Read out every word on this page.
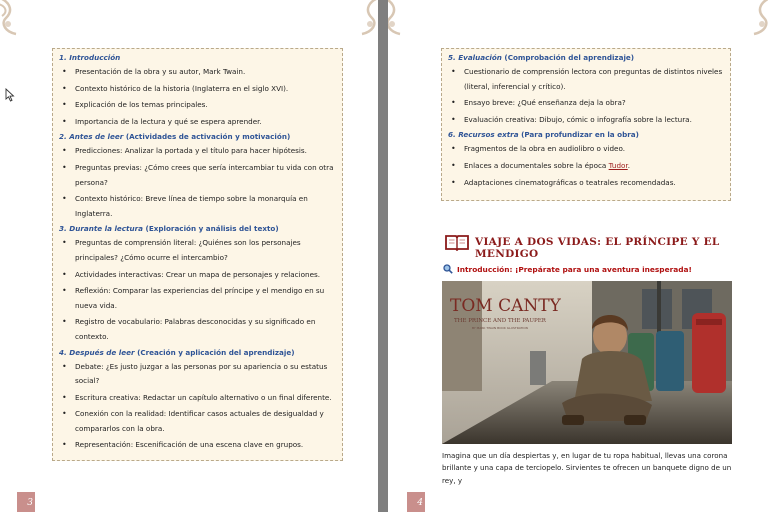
1. Introducción
• Presentación de la obra y su autor, Mark Twain.
• Contexto histórico de la historia (Inglaterra en el siglo XVI).
• Explicación de los temas principales.
• Importancia de la lectura y qué se espera aprender.
2. Antes de leer (Actividades de activación y motivación)
• Predicciones: Analizar la portada y el título para hacer hipótesis.
• Preguntas previas: ¿Cómo crees que sería intercambiar tu vida con otra persona?
• Contexto histórico: Breve línea de tiempo sobre la monarquía en Inglaterra.
3. Durante la lectura (Exploración y análisis del texto)
• Preguntas de comprensión literal: ¿Quiénes son los personajes principales? ¿Cómo ocurre el intercambio?
• Actividades interactivas: Crear un mapa de personajes y relaciones.
• Reflexión: Comparar las experiencias del príncipe y el mendigo en su nueva vida.
• Registro de vocabulario: Palabras desconocidas y su significado en contexto.
4. Después de leer (Creación y aplicación del aprendizaje)
• Debate: ¿Es justo juzgar a las personas por su apariencia o su estatus social?
• Escritura creativa: Redactar un capítulo alternativo o un final diferente.
• Conexión con la realidad: Identificar casos actuales de desigualdad y compararlos con la obra.
• Representación: Escenificación de una escena clave en grupos.
3
5. Evaluación (Comprobación del aprendizaje)
• Cuestionario de comprensión lectora con preguntas de distintos niveles (literal, inferencial y crítico).
• Ensayo breve: ¿Qué enseñanza deja la obra?
• Evaluación creativa: Dibujo, cómic o infografía sobre la lectura.
6. Recursos extra (Para profundizar en la obra)
• Fragmentos de la obra en audiolibro o video.
• Enlaces a documentales sobre la época Tudor.
• Adaptaciones cinematográficas o teatrales recomendadas.
VIAJE A DOS VIDAS: EL PRÍNCIPE Y EL MENDIGO
Introducción: ¡Prepárate para una aventura inesperada!
TOM CANTY
THE PRINCE AND THE PAUPER
BY MARK TWAIN BOOK ILLUSTRATION
Imagina que un día despiertas y, en lugar de tu ropa habitual, llevas una corona brillante y una capa de terciopelo. Sirvientes te ofrecen un banquete digno de un rey, y
4
